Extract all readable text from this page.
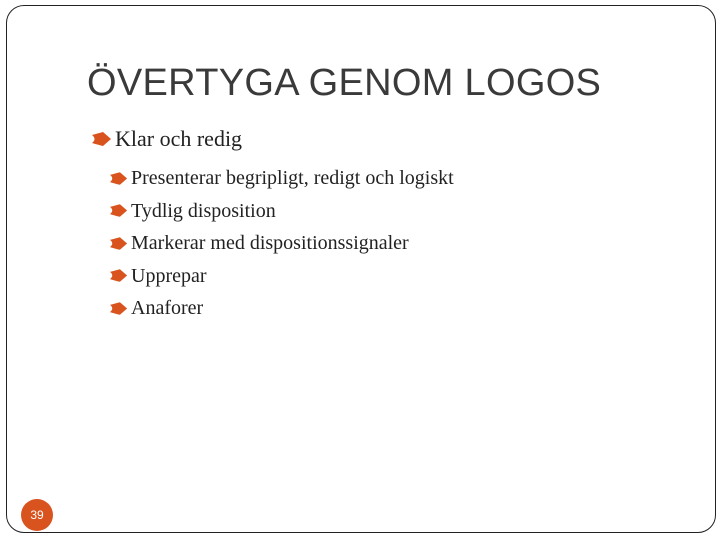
ÖVERTYGA GENOM LOGOS
Klar och redig
Presenterar begripligt, redigt och logiskt
Tydlig disposition
Markerar med dispositionssignaler
Upprepar
Anaforer
39
